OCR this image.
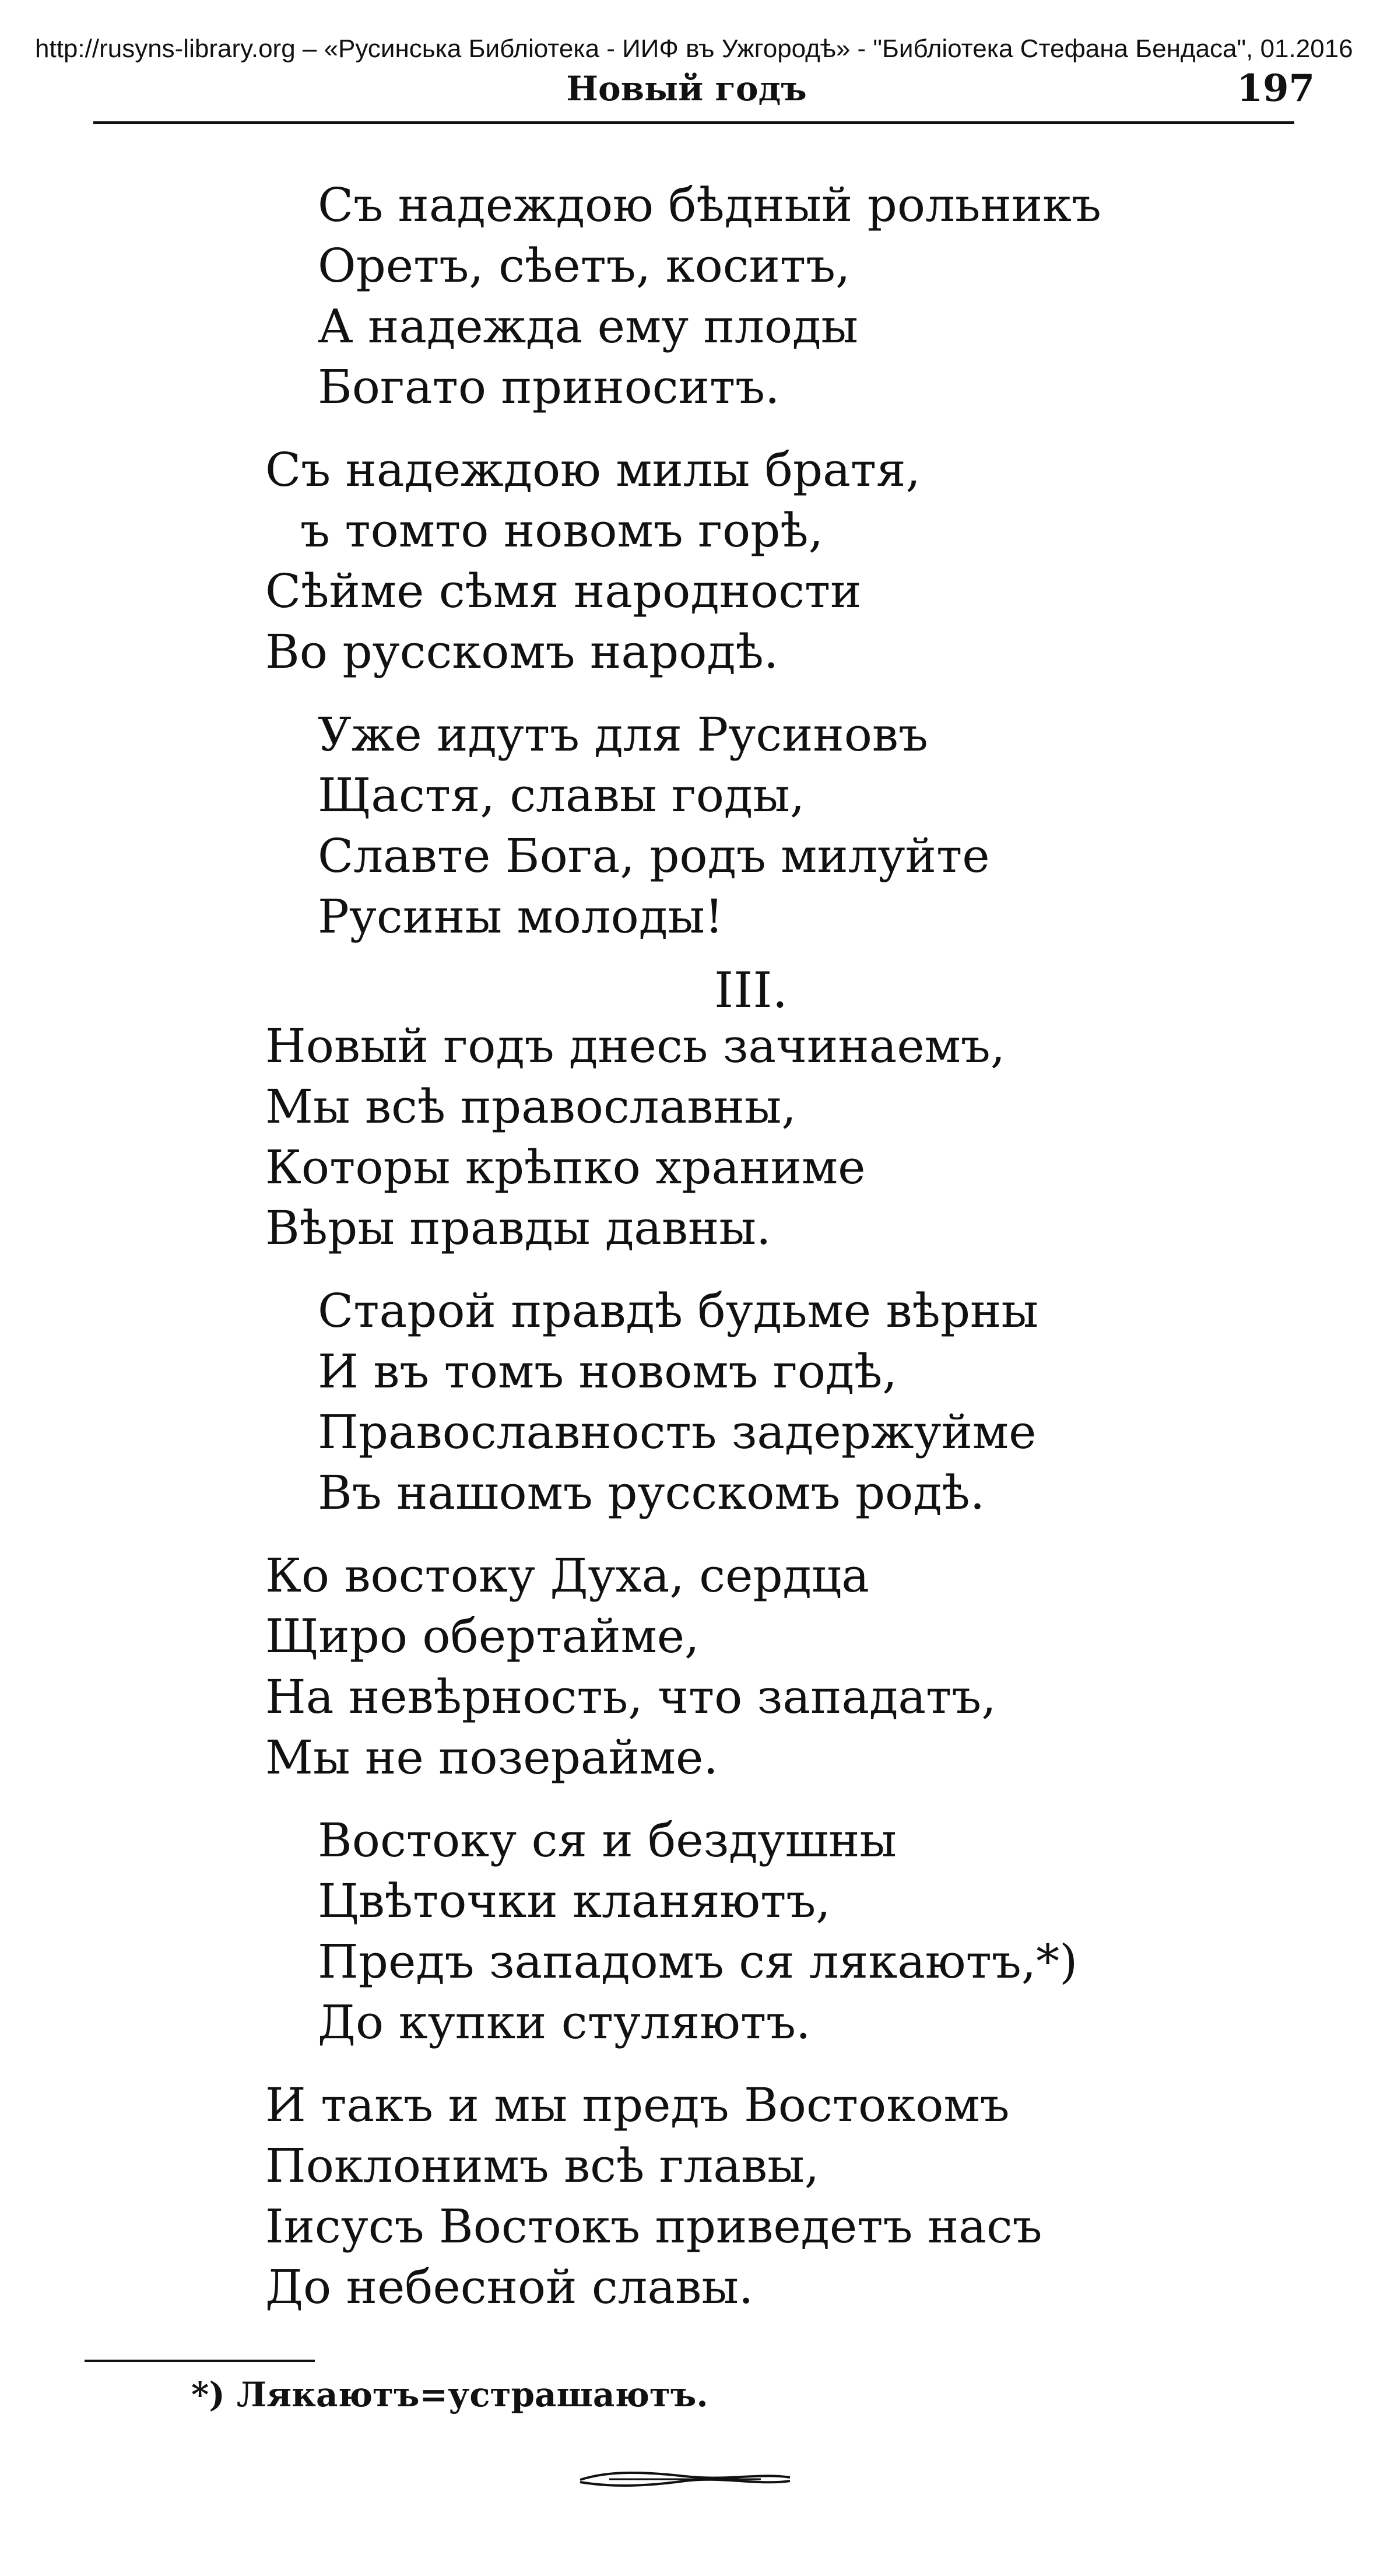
http://rusyns-library.org – «Русинська Библіотека - ИИФ въ Ужгородѣ» - "Библіотека Стефана Бендаса", 01.2016
Новый годъ	197
Съ надеждою бѣдный рольникъ
Оретъ, сѣетъ, коситъ,
А надежда ему плоды
Богато приноситъ.
Съ надеждою милы братя,
ъ томто новомъ горѣ,
Сѣйме сѣмя народности
Во русскомъ народѣ.
Уже идутъ для Русиновъ
Щастя, славы годы,
Славте Бога, родъ милуйте
Русины молоды!
III.
Новый годъ днесь зачинаемъ,
Мы всѣ православны,
Которы крѣпко храниме
Вѣры правды давны.
Старой правдѣ будьме вѣрны
И въ томъ новомъ годѣ,
Православность задержуйме
Въ нашомъ русскомъ родѣ.
Ко востоку Духа, сердца
Щиро обертайме,
На невѣрность, что западатъ,
Мы не позерайме.
Востоку ся и бездушны
Цвѣточки кланяютъ,
Предъ западомъ ся лякаютъ,*)
До купки стуляютъ.
И такъ и мы предъ Востокомъ
Поклонимъ всѣ главы,
Іисусъ Востокъ приведетъ насъ
До небесной славы.
*) Лякаютъ=устрашаютъ.
